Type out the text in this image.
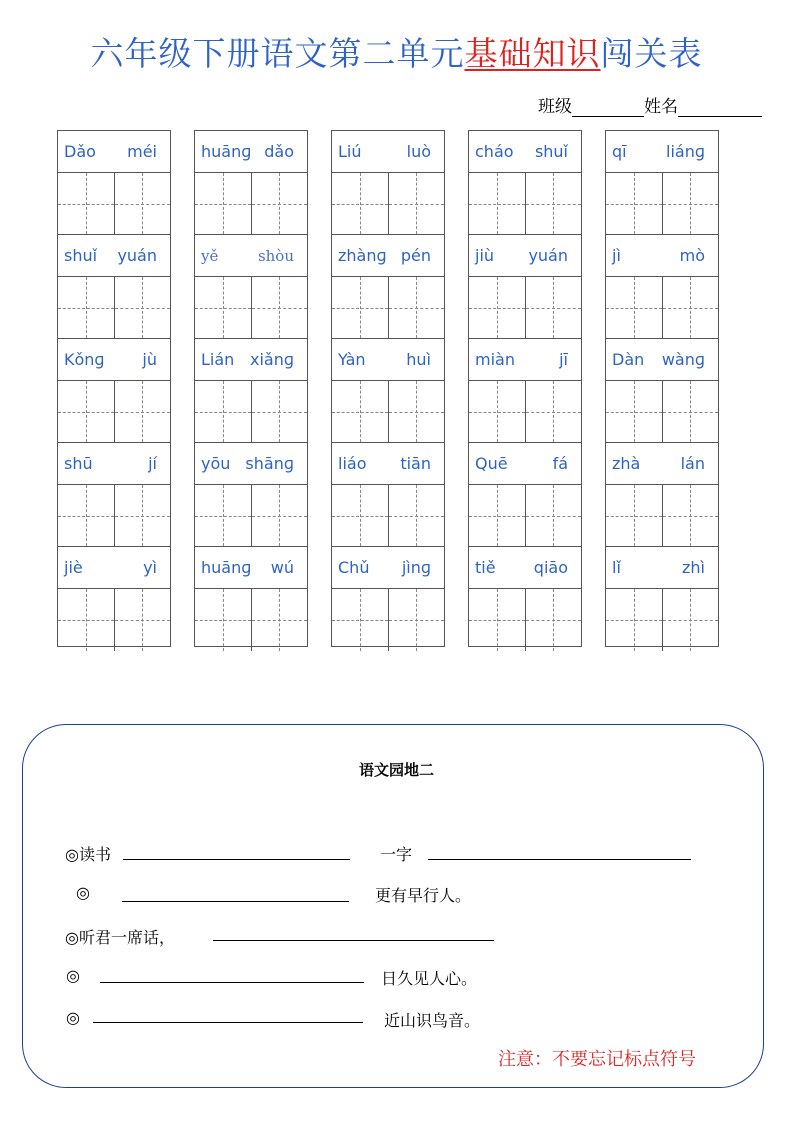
六年级下册语文第二单元基础知识闯关表
班级	姓名
Dǎo méi
shuǐ yuán
Kǒnɡ jù
shū	jí
jiè	yì
huānɡ dǎo
yě	shòu
Lián xiǎnɡ
yōu shānɡ
huānɡ wú
Liú	luò
zhànɡ pén
Yàn	huì
liáo tiān
Chǔ jìnɡ
cháo shuǐ
jiù yuán
miàn	jī
Quē	fá
tiě qiāo
qī liánɡ
jì	mò
Dàn wànɡ
zhà	lán
lǐ	zhì
语文园地二
◎读书	一字
◎	更有早行人。
◎听君一席话，
◎	日久见人心。
◎	近山识鸟音。
注意：不要忘记标点符号
